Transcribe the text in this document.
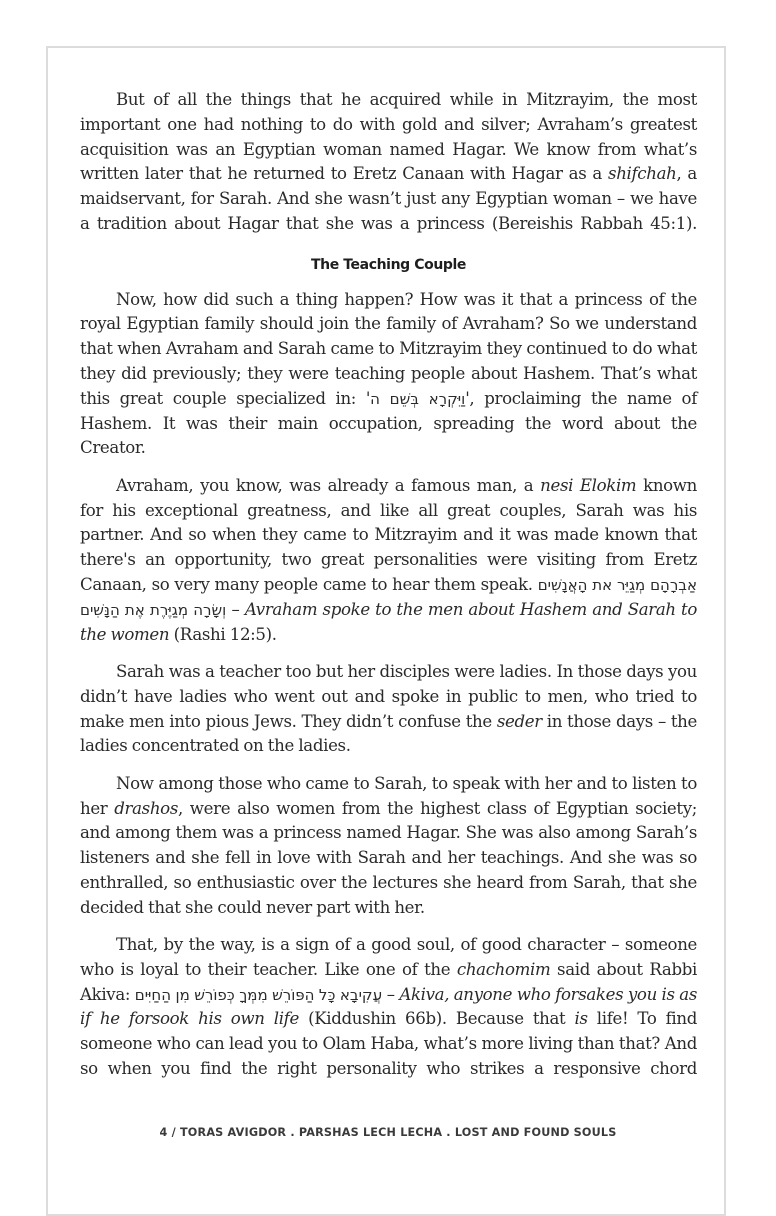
But of all the things that he acquired while in Mitzrayim, the most important one had nothing to do with gold and silver; Avraham’s greatest acquisition was an Egyptian woman named Hagar. We know from what’s written later that he returned to Eretz Canaan with Hagar as a shifchah, a maidservant, for Sarah. And she wasn’t just any Egyptian woman – we have a tradition about Hagar that she was a princess (Bereishis Rabbah 45:1).

The Teaching Couple

Now, how did such a thing happen? How was it that a princess of the royal Egyptian family should join the family of Avraham? So we understand that when Avraham and Sarah came to Mitzrayim they continued to do what they did previously; they were teaching people about Hashem. That’s what this great couple specialized in: 'וַיִּקְרָא בְּשֵׁם ה', proclaiming the name of Hashem. It was their main occupation, spreading the word about the Creator.

Avraham, you know, was already a famous man, a nesi Elokim known for his exceptional greatness, and like all great couples, Sarah was his partner. And so when they came to Mitzrayim and it was made known that there's an opportunity, two great personalities were visiting from Eretz Canaan, so very many people came to hear them speak. אַבְרָהָם מְגַיֵּר את הָאֲנָשִׁים וְשָׂרָה מְגַיֶּרֶת אֶת הַנָּשִׁים – Avraham spoke to the men about Hashem and Sarah to the women (Rashi 12:5).

Sarah was a teacher too but her disciples were ladies. In those days you didn’t have ladies who went out and spoke in public to men, who tried to make men into pious Jews. They didn’t confuse the seder in those days – the ladies concentrated on the ladies.

Now among those who came to Sarah, to speak with her and to listen to her drashos, were also women from the highest class of Egyptian society; and among them was a princess named Hagar. She was also among Sarah’s listeners and she fell in love with Sarah and her teachings. And she was so enthralled, so enthusiastic over the lectures she heard from Sarah, that she decided that she could never part with her.

That, by the way, is a sign of a good soul, of good character – someone who is loyal to their teacher. Like one of the chachomim said about Rabbi Akiva: עֲקִיבָא כָּל הַפּוֹרֵשׁ מִמְּךָ כְּפוֹרֵשׁ מִן הַחַיִּים – Akiva, anyone who forsakes you is as if he forsook his own life (Kiddushin 66b). Because that is life! To find someone who can lead you to Olam Haba, what’s more living than that? And so when you find the right personality who strikes a responsive chord

4 / TORAS AVIGDOR . PARSHAS LECH LECHA . LOST AND FOUND SOULS
